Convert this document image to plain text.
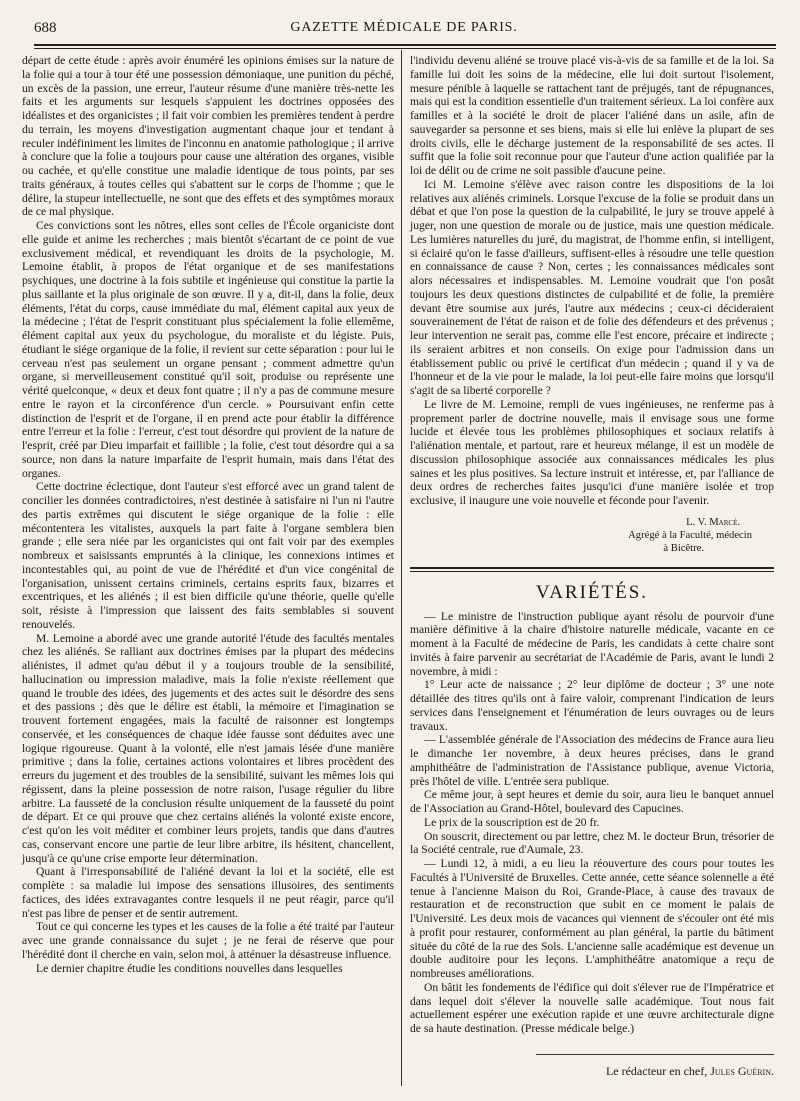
688	GAZETTE MÉDICALE DE PARIS.

départ de cette étude : après avoir énuméré les opinions émises sur la nature de la folie qui a tour à tour été une possession démoniaque, une punition du péché, un excès de la passion, une erreur, l'auteur résume d'une manière très-nette les faits et les arguments sur lesquels s'appuient les doctrines opposées des idéalistes et des organicistes ; il fait voir combien les premières tendent à perdre du terrain, les moyens d'investigation augmentant chaque jour et tendant à reculer indéfiniment les limites de l'inconnu en anatomie pathologique ; il arrive à conclure que la folie a toujours pour cause une altération des organes, visible ou cachée, et qu'elle constitue une maladie identique de tous points, par ses traits généraux, à toutes celles qui s'abattent sur le corps de l'homme ; que le délire, la stupeur intellectuelle, ne sont que des effets et des symptômes moraux de ce mal physique.

Ces convictions sont les nôtres, elles sont celles de l'École organiciste dont elle guide et anime les recherches ; mais bientôt s'écartant de ce point de vue exclusivement médical, et revendiquant les droits de la psychologie, M. Lemoine établit, à propos de l'état organique et de ses manifestations psychiques, une doctrine à la fois subtile et ingénieuse qui constitue la partie la plus saillante et la plus originale de son œuvre. Il y a, dit-il, dans la folie, deux éléments, l'état du corps, cause immédiate du mal, élément capital aux yeux de la médecine ; l'état de l'esprit constituant plus spécialement la folie ellemême, élément capital aux yeux du psychologue, du moraliste et du légiste. Puis, étudiant le siége organique de la folie, il revient sur cette séparation : pour lui le cerveau n'est pas seulement un organe pensant ; comment admettre qu'un organe, si merveilleusement constitué qu'il soit, produise ou représente une vérité quelconque, « deux et deux font quatre ; il n'y a pas de commune mesure entre le rayon et la circonférence d'un cercle. » Poursuivant enfin cette distinction de l'esprit et de l'organe, il en prend acte pour établir la différence entre l'erreur et la folie : l'erreur, c'est tout désordre qui provient de la nature de l'esprit, créé par Dieu imparfait et faillible ; la folie, c'est tout désordre qui a sa source, non dans la nature imparfaite de l'esprit humain, mais dans l'état des organes.

Cette doctrine éclectique, dont l'auteur s'est efforcé avec un grand talent de concilier les données contradictoires, n'est destinée à satisfaire ni l'un ni l'autre des partis extrêmes qui discutent le siége organique de la folie : elle mécontentera les vitalistes, auxquels la part faite à l'organe semblera bien grande ; elle sera niée par les organicistes qui ont fait voir par des exemples nombreux et saisissants empruntés à la clinique, les connexions intimes et incontestables qui, au point de vue de l'hérédité et d'un vice congénital de l'organisation, unissent certains criminels, certains esprits faux, bizarres et excentriques, et les aliénés ; il est bien difficile qu'une théorie, quelle qu'elle soit, résiste à l'impression que laissent des faits semblables si souvent renouvelés.

M. Lemoine a abordé avec une grande autorité l'étude des facultés mentales chez les aliénés. Se ralliant aux doctrines émises par la plupart des médecins aliénistes, il admet qu'au début il y a toujours trouble de la sensibilité, hallucination ou impression maladive, mais la folie n'existe réellement que quand le trouble des idées, des jugements et des actes suit le désordre des sens et des passions ; dès que le délire est établi, la mémoire et l'imagination se trouvent fortement engagées, mais la faculté de raisonner est longtemps conservée, et les conséquences de chaque idée fausse sont déduites avec une logique rigoureuse. Quant à la volonté, elle n'est jamais lésée d'une manière primitive ; dans la folie, certaines actions volontaires et libres procèdent des erreurs du jugement et des troubles de la sensibilité, suivant les mêmes lois qui régissent, dans la pleine possession de notre raison, l'usage régulier du libre arbitre. La fausseté de la conclusion résulte uniquement de la fausseté du point de départ. Et ce qui prouve que chez certains aliénés la volonté existe encore, c'est qu'on les voit méditer et combiner leurs projets, tandis que dans d'autres cas, conservant encore une partie de leur libre arbitre, ils hésitent, chancellent, jusqu'à ce qu'une crise emporte leur détermination.

Quant à l'irresponsabilité de l'aliéné devant la loi et la société, elle est complète : sa maladie lui impose des sensations illusoires, des sentiments factices, des idées extravagantes contre lesquels il ne peut réagir, parce qu'il n'est pas libre de penser et de sentir autrement.

Tout ce qui concerne les types et les causes de la folie a été traité par l'auteur avec une grande connaissance du sujet ; je ne ferai de réserve que pour l'hérédité dont il cherche en vain, selon moi, à atténuer la désastreuse influence.

Le dernier chapitre étudie les conditions nouvelles dans lesquelles

l'individu devenu aliéné se trouve placé vis-à-vis de sa famille et de la loi. Sa famille lui doit les soins de la médecine, elle lui doit surtout l'isolement, mesure pénible à laquelle se rattachent tant de préjugés, tant de répugnances, mais qui est la condition essentielle d'un traitement sérieux. La loi confère aux familles et à la société le droit de placer l'aliéné dans un asile, afin de sauvegarder sa personne et ses biens, mais si elle lui enlève la plupart de ses droits civils, elle le décharge justement de la responsabilité de ses actes. Il suffit que la folie soit reconnue pour que l'auteur d'une action qualifiée par la loi de délit ou de crime ne soit passible d'aucune peine.

Ici M. Lemoine s'élève avec raison contre les dispositions de la loi relatives aux aliénés criminels. Lorsque l'excuse de la folie se produit dans un débat et que l'on pose la question de la culpabilité, le jury se trouve appelé à juger, non une question de morale ou de justice, mais une question médicale. Les lumières naturelles du juré, du magistrat, de l'homme enfin, si intelligent, si éclairé qu'on le fasse d'ailleurs, suffisent-elles à résoudre une telle question en connaissance de cause ? Non, certes ; les connaissances médicales sont alors nécessaires et indispensables. M. Lemoine voudrait que l'on posât toujours les deux questions distinctes de culpabilité et de folie, la première devant être soumise aux jurés, l'autre aux médecins ; ceux-ci décideraient souverainement de l'état de raison et de folie des défendeurs et des prévenus ; leur intervention ne serait pas, comme elle l'est encore, précaire et indirecte ; ils seraient arbitres et non conseils. On exige pour l'admission dans un établissement public ou privé le certificat d'un médecin ; quand il y va de l'honneur et de la vie pour le malade, la loi peut-elle faire moins que lorsqu'il s'agit de sa liberté corporelle ?

Le livre de M. Lemoine, rempli de vues ingénieuses, ne renferme pas à proprement parler de doctrine nouvelle, mais il envisage sous une forme lucide et élevée tous les problèmes philosophiques et sociaux relatifs à l'aliénation mentale, et partout, rare et heureux mélange, il est un modèle de discussion philosophique associée aux connaissances médicales les plus saines et les plus positives. Sa lecture instruit et intéresse, et, par l'alliance de deux ordres de recherches faites jusqu'ici d'une manière isolée et trop exclusive, il inaugure une voie nouvelle et féconde pour l'avenir.

L. V. Marcé.
Agrégé à la Faculté, médecin
à Bicêtre.
VARIÉTÉS.

— Le ministre de l'instruction publique ayant résolu de pourvoir d'une manière définitive à la chaire d'histoire naturelle médicale, vacante en ce moment à la Faculté de médecine de Paris, les candidats à cette chaire sont invités à faire parvenir au secrétariat de l'Académie de Paris, avant le lundi 2 novembre, à midi :

1° Leur acte de naissance ; 2° leur diplôme de docteur ; 3° une note détaillée des titres qu'ils ont à faire valoir, comprenant l'indication de leurs services dans l'enseignement et l'énumération de leurs ouvrages ou de leurs travaux.

— L'assemblée générale de l'Association des médecins de France aura lieu le dimanche 1er novembre, à deux heures précises, dans le grand amphithéâtre de l'administration de l'Assistance publique, avenue Victoria, près l'hôtel de ville. L'entrée sera publique.

Ce même jour, à sept heures et demie du soir, aura lieu le banquet annuel de l'Association au Grand-Hôtel, boulevard des Capucines.

Le prix de la souscription est de 20 fr.

On souscrit, directement ou par lettre, chez M. le docteur Brun, trésorier de la Société centrale, rue d'Aumale, 23.

— Lundi 12, à midi, a eu lieu la réouverture des cours pour toutes les Facultés à l'Université de Bruxelles. Cette année, cette séance solennelle a été tenue à l'ancienne Maison du Roi, Grande-Place, à cause des travaux de restauration et de reconstruction que subit en ce moment le palais de l'Université. Les deux mois de vacances qui viennent de s'écouler ont été mis à profit pour restaurer, conformément au plan général, la partie du bâtiment située du côté de la rue des Sols. L'ancienne salle académique est devenue un double auditoire pour les leçons. L'amphithéâtre anatomique a reçu de nombreuses améliorations.

On bâtit les fondements de l'édifice qui doit s'élever rue de l'Impératrice et dans lequel doit s'élever la nouvelle salle académique. Tout nous fait actuellement espérer une exécution rapide et une œuvre architecturale digne de sa haute destination. (Presse médicale belge.)

Le rédacteur en chef, Jules Guérin.
